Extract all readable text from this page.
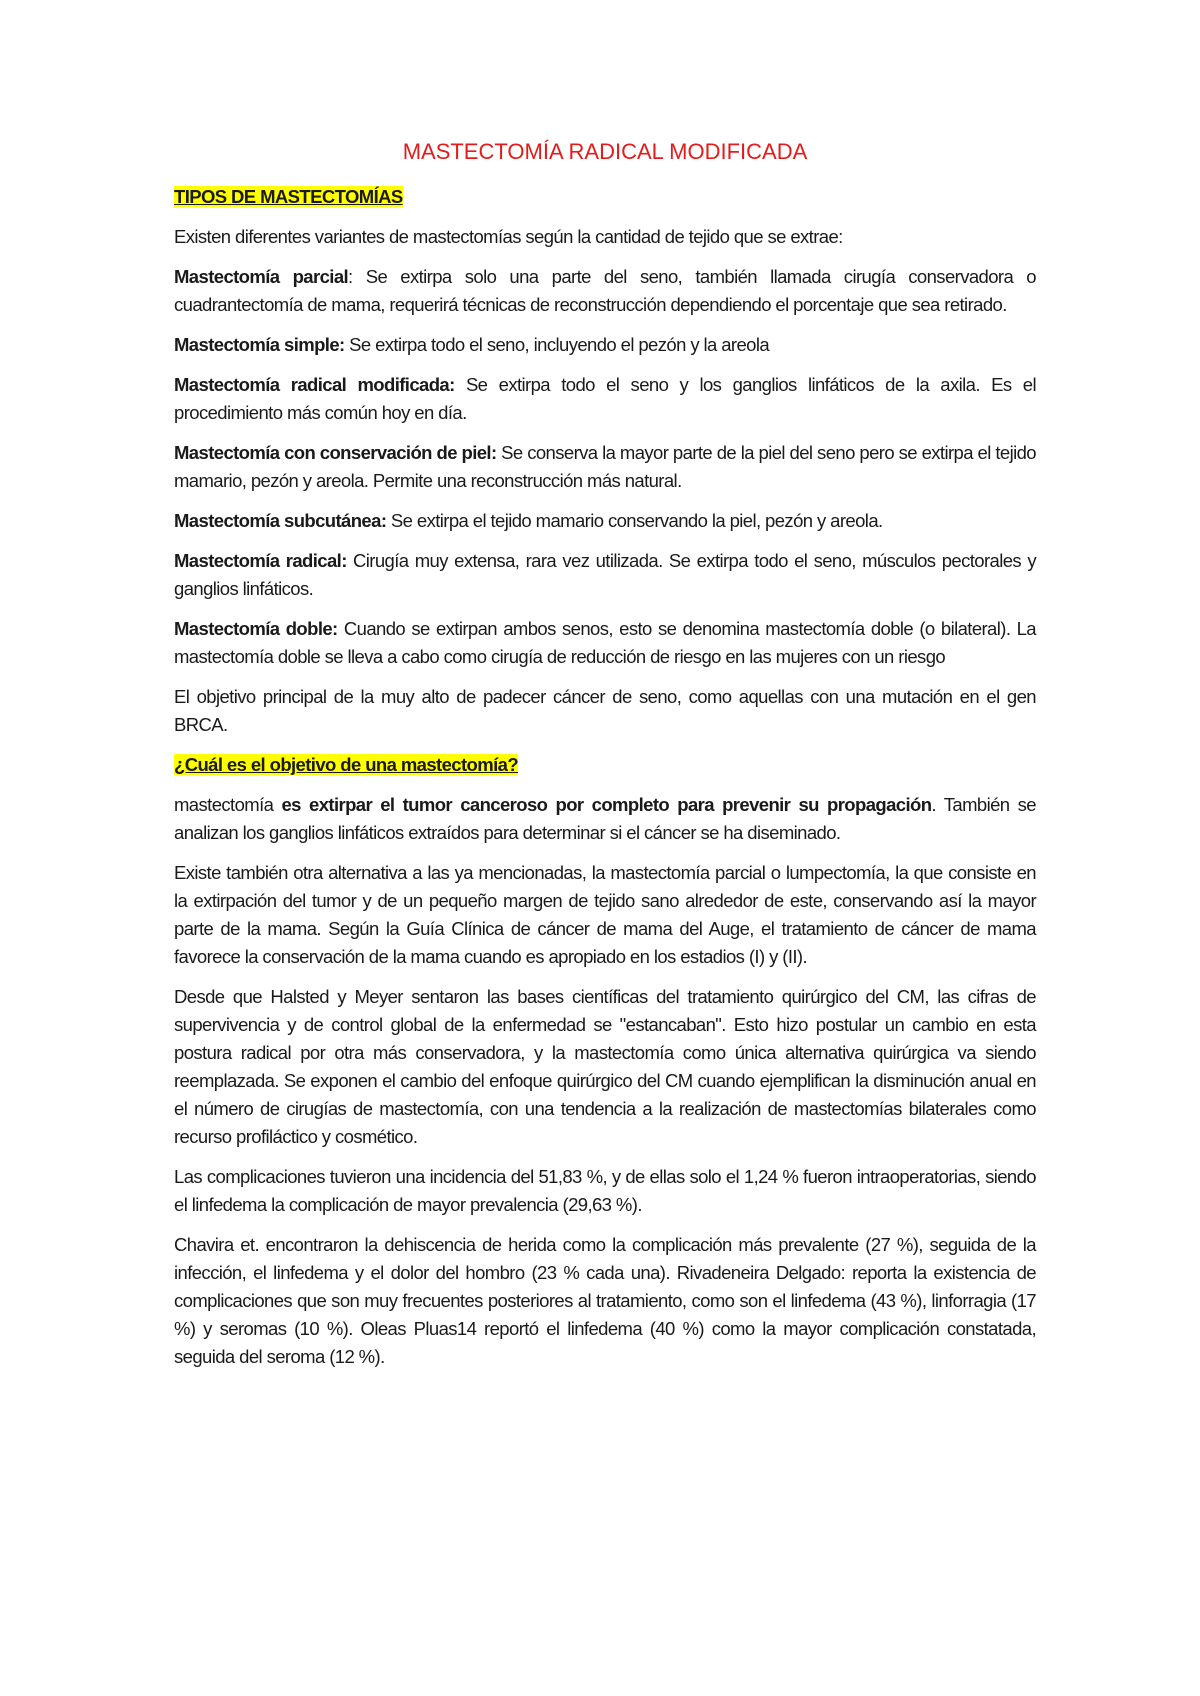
MASTECTOMÍA RADICAL MODIFICADA
TIPOS DE MASTECTOMÍAS

Existen diferentes variantes de mastectomías según la cantidad de tejido que se extrae:

Mastectomía parcial: Se extirpa solo una parte del seno, también llamada cirugía conservadora o cuadrantectomía de mama, requerirá técnicas de reconstrucción dependiendo el porcentaje que sea retirado.

Mastectomía simple: Se extirpa todo el seno, incluyendo el pezón y la areola

Mastectomía radical modificada: Se extirpa todo el seno y los ganglios linfáticos de la axila. Es el procedimiento más común hoy en día.

Mastectomía con conservación de piel: Se conserva la mayor parte de la piel del seno pero se extirpa el tejido mamario, pezón y areola. Permite una reconstrucción más natural.

Mastectomía subcutánea: Se extirpa el tejido mamario conservando la piel, pezón y areola.

Mastectomía radical: Cirugía muy extensa, rara vez utilizada. Se extirpa todo el seno, músculos pectorales y ganglios linfáticos.

Mastectomía doble: Cuando se extirpan ambos senos, esto se denomina mastectomía doble (o bilateral). La mastectomía doble se lleva a cabo como cirugía de reducción de riesgo en las mujeres con un riesgo

El objetivo principal de la muy alto de padecer cáncer de seno, como aquellas con una mutación en el gen BRCA.

¿Cuál es el objetivo de una mastectomía?

mastectomía es extirpar el tumor canceroso por completo para prevenir su propagación. También se analizan los ganglios linfáticos extraídos para determinar si el cáncer se ha diseminado.

Existe también otra alternativa a las ya mencionadas, la mastectomía parcial o lumpectomía, la que consiste en la extirpación del tumor y de un pequeño margen de tejido sano alrededor de este, conservando así la mayor parte de la mama. Según la Guía Clínica de cáncer de mama del Auge, el tratamiento de cáncer de mama favorece la conservación de la mama cuando es apropiado en los estadios (I) y (II).

Desde que Halsted y Meyer sentaron las bases científicas del tratamiento quirúrgico del CM, las cifras de supervivencia y de control global de la enfermedad se "estancaban". Esto hizo postular un cambio en esta postura radical por otra más conservadora, y la mastectomía como única alternativa quirúrgica va siendo reemplazada. Se exponen el cambio del enfoque quirúrgico del CM cuando ejemplifican la disminución anual en el número de cirugías de mastectomía, con una tendencia a la realización de mastectomías bilaterales como recurso profiláctico y cosmético.

Las complicaciones tuvieron una incidencia del 51,83 %, y de ellas solo el 1,24 % fueron intraoperatorias, siendo el linfedema la complicación de mayor prevalencia (29,63 %).

Chavira et. encontraron la dehiscencia de herida como la complicación más prevalente (27 %), seguida de la infección, el linfedema y el dolor del hombro (23 % cada una). Rivadeneira Delgado: reporta la existencia de complicaciones que son muy frecuentes posteriores al tratamiento, como son el linfedema (43 %), linforragia (17 %) y seromas (10 %). Oleas Pluas14 reportó el linfedema (40 %) como la mayor complicación constatada, seguida del seroma (12 %).
